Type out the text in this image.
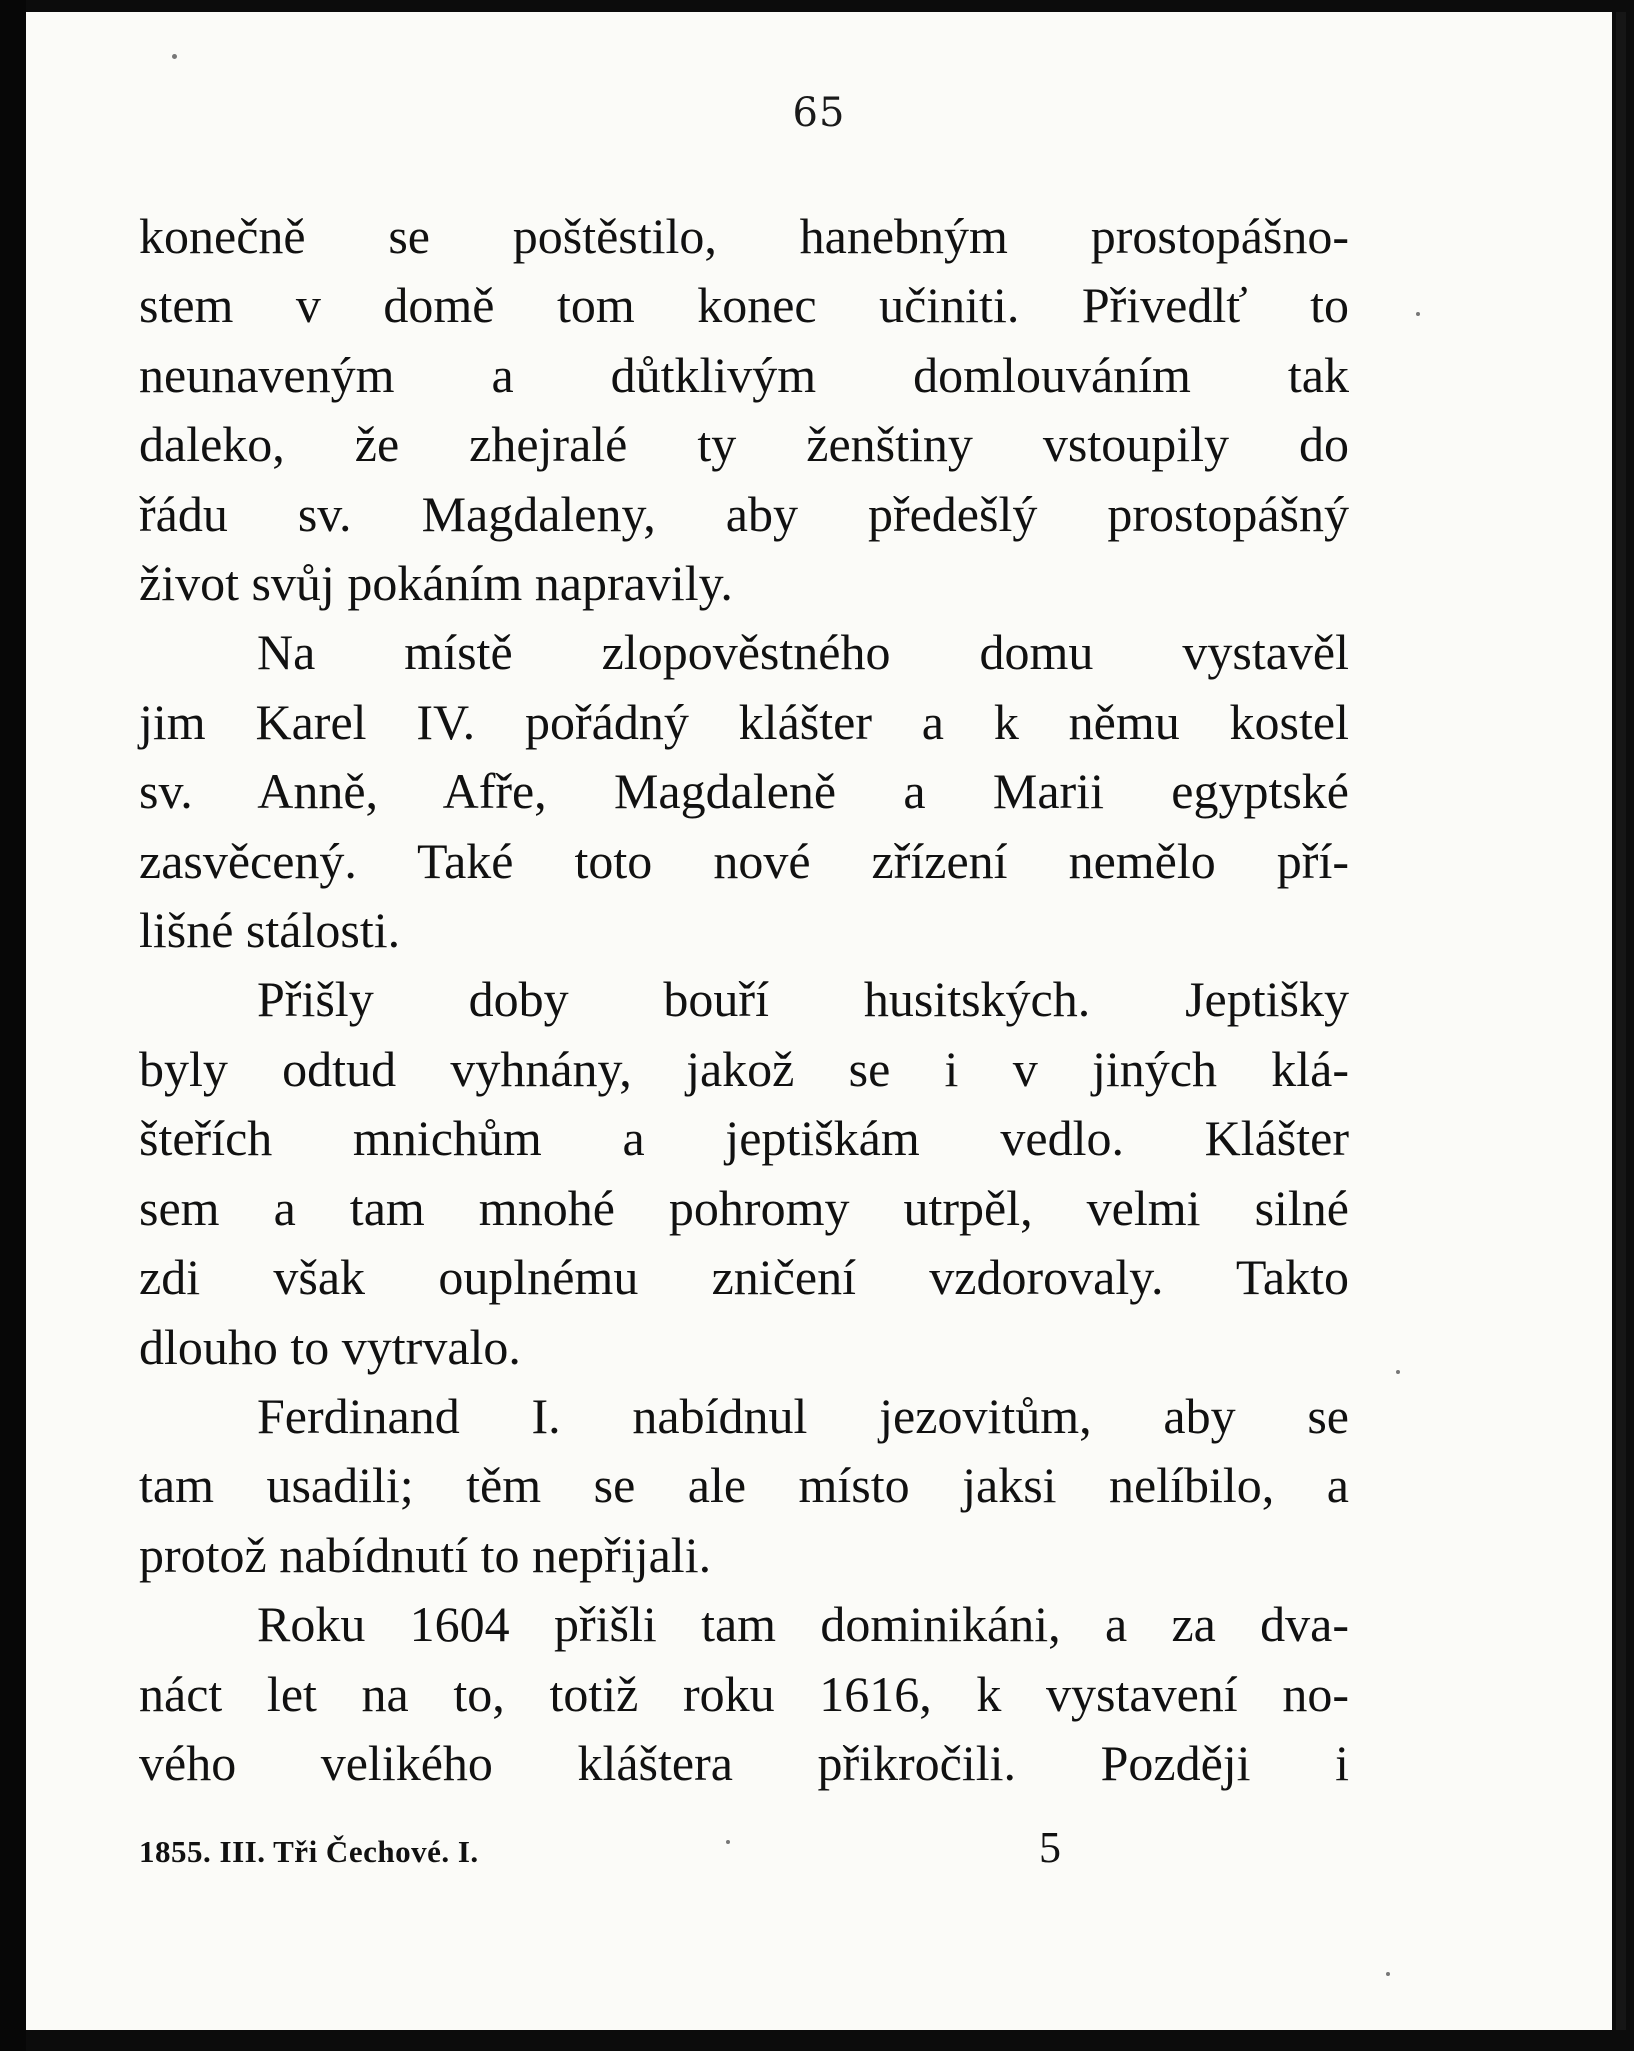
65
konečně se poštěstilo, hanebným prostopášno-
stem v domě tom konec učiniti. Přivedlť to
neunaveným a důtklivým domlouváním tak
daleko, že zhejralé ty ženštiny vstoupily do
řádu sv. Magdaleny, aby předešlý prostopášný
život svůj pokáním napravily.
Na místě zlopověstného domu vystavěl
jim Karel IV. pořádný klášter a k němu kostel
sv. Anně, Afře, Magdaleně a Marii egyptské
zasvěcený. Také toto nové zřízení nemělo pří-
lišné stálosti.
Přišly doby bouří husitských. Jeptišky
byly odtud vyhnány, jakož se i v jiných klá-
šteřích mnichům a jeptiškám vedlo. Klášter
sem a tam mnohé pohromy utrpěl, velmi silné
zdi však ouplnému zničení vzdorovaly. Takto
dlouho to vytrvalo.
Ferdinand I. nabídnul jezovitům, aby se
tam usadili; těm se ale místo jaksi nelíbilo, a
protož nabídnutí to nepřijali.
Roku 1604 přišli tam dominikáni, a za dva-
náct let na to, totiž roku 1616, k vystavení no-
vého velikého kláštera přikročili. Později i
1855. III. Tři Čechové. I.	5
